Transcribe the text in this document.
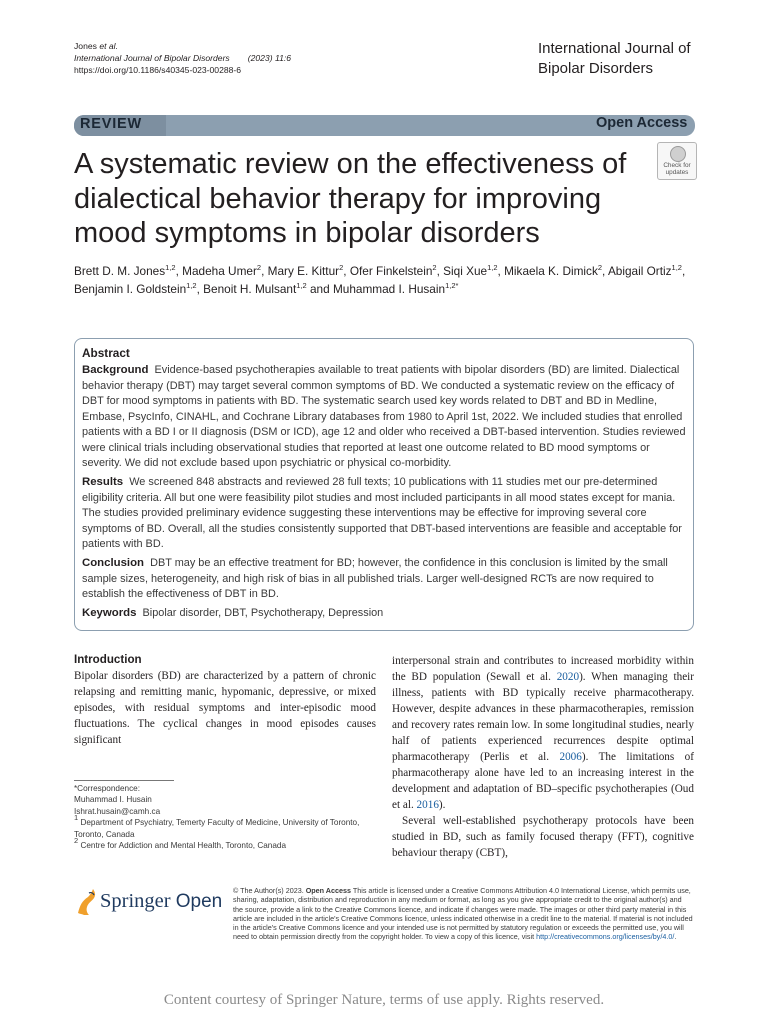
Jones et al.
International Journal of Bipolar Disorders (2023) 11:6
https://doi.org/10.1186/s40345-023-00288-6
International Journal of Bipolar Disorders
REVIEW	Open Access
Check for updates
A systematic review on the effectiveness of dialectical behavior therapy for improving mood symptoms in bipolar disorders
Brett D. M. Jones$^{1,2}$, Madeha Umer$^2$, Mary E. Kittur$^2$, Ofer Finkelstein$^2$, Siqi Xue$^{1,2}$, Mikaela K. Dimick$^2$, Abigail Ortiz$^{1,2}$, Benjamin I. Goldstein$^{1,2}$, Benoit H. Mulsant$^{1,2}$ and Muhammad I. Husain$^{1,2*}$
Abstract

Background Evidence-based psychotherapies available to treat patients with bipolar disorders (BD) are limited. Dialectical behavior therapy (DBT) may target several common symptoms of BD. We conducted a systematic review on the efficacy of DBT for mood symptoms in patients with BD. The systematic search used key words related to DBT and BD in Medline, Embase, PsycInfo, CINAHL, and Cochrane Library databases from 1980 to April 1st, 2022. We included studies that enrolled patients with a BD I or II diagnosis (DSM or ICD), age 12 and older who received a DBT-based intervention. Studies reviewed were clinical trials including observational studies that reported at least one outcome related to BD mood symptoms or severity. We did not exclude based upon psychiatric or physical co-morbidity.

Results We screened 848 abstracts and reviewed 28 full texts; 10 publications with 11 studies met our pre-determined eligibility criteria. All but one were feasibility pilot studies and most included participants in all mood states except for mania. The studies provided preliminary evidence suggesting these interventions may be effective for improving several core symptoms of BD. Overall, all the studies consistently supported that DBT-based interventions are feasible and acceptable for patients with BD.

Conclusion DBT may be an effective treatment for BD; however, the confidence in this conclusion is limited by the small sample sizes, heterogeneity, and high risk of bias in all published trials. Larger well-designed RCTs are now required to establish the effectiveness of DBT in BD.

Keywords Bipolar disorder, DBT, Psychotherapy, Depression

Introduction
Bipolar disorders (BD) are characterized by a pattern of chronic relapsing and remitting manic, hypomanic, depressive, or mixed episodes, with residual symptoms and inter-episodic mood fluctuations. The cyclical changes in mood episodes causes significant
interpersonal strain and contributes to increased morbidity within the BD population (Sewall et al. 2020). When managing their illness, patients with BD typically receive pharmacotherapy. However, despite advances in these pharmacotherapies, remission and recovery rates remain low. In some longitudinal studies, nearly half of patients experienced recurrences despite optimal pharmacotherapy (Perlis et al. 2006). The limitations of pharmacotherapy alone have led to an increasing interest in the development and adaptation of BD–specific psychotherapies (Oud et al. 2016).
Several well-established psychotherapy protocols have been studied in BD, such as family focused therapy (FFT), cognitive behaviour therapy (CBT),
*Correspondence:
Muhammad I. Husain
Ishrat.husain@camh.ca
$^1$ Department of Psychiatry, Temerty Faculty of Medicine, University of Toronto, Toronto, Canada
$^2$ Centre for Addiction and Mental Health, Toronto, Canada
Springer Open
© The Author(s) 2023. Open Access This article is licensed under a Creative Commons Attribution 4.0 International License, which permits use, sharing, adaptation, distribution and reproduction in any medium or format, as long as you give appropriate credit to the original author(s) and the source, provide a link to the Creative Commons licence, and indicate if changes were made. The images or other third party material in this article are included in the article's Creative Commons licence, unless indicated otherwise in a credit line to the material. If material is not included in the article's Creative Commons licence and your intended use is not permitted by statutory regulation or exceeds the permitted use, you will need to obtain permission directly from the copyright holder. To view a copy of this licence, visit http://creativecommons.org/licenses/by/4.0/.
Content courtesy of Springer Nature, terms of use apply. Rights reserved.
